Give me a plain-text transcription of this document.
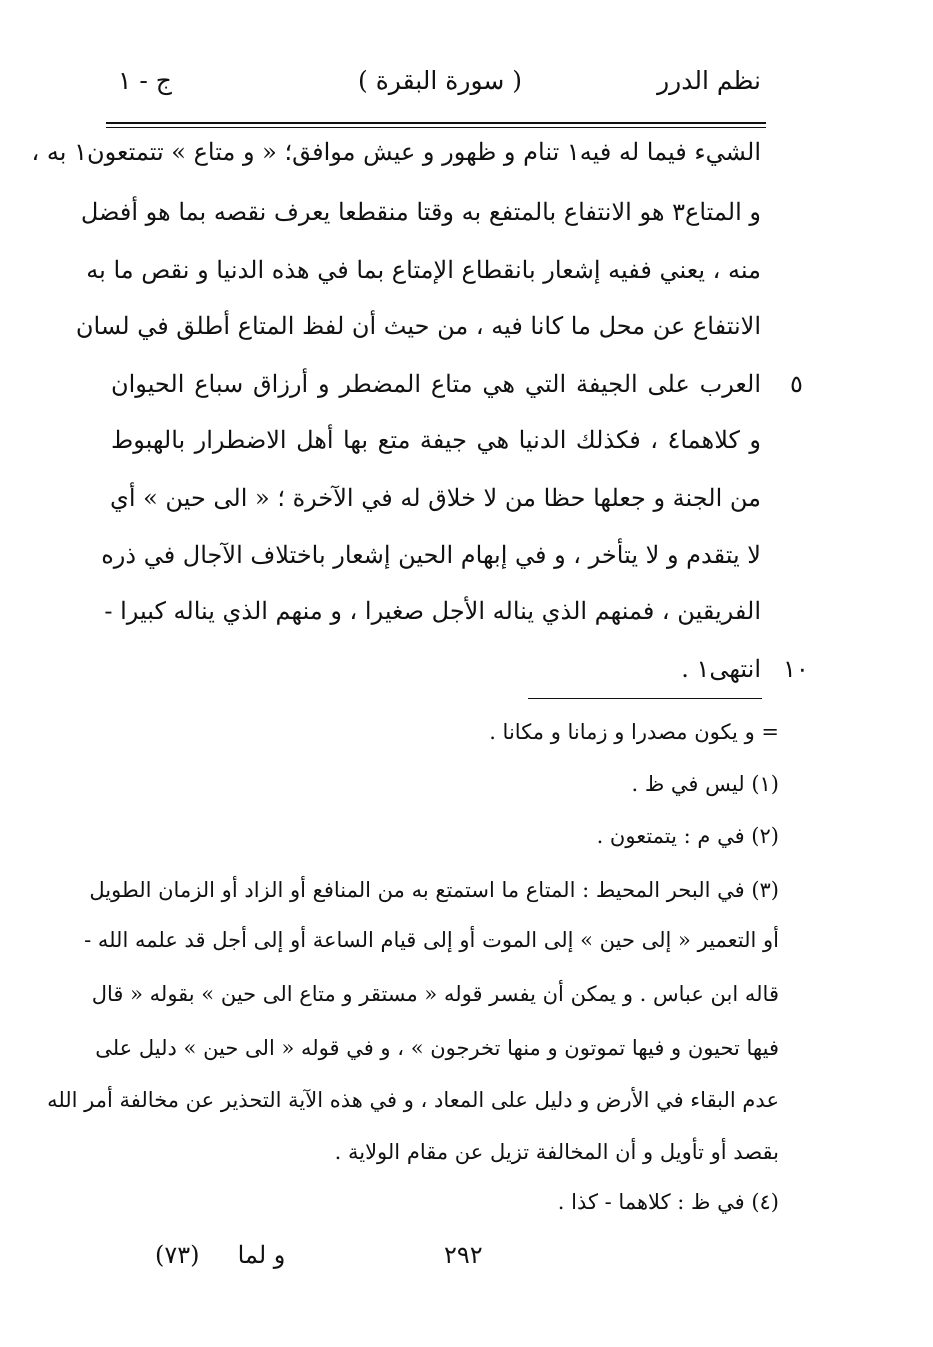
نظم الدرر
( سورة البقرة )
ج - ١
الشيء فيما له فيه١ تنام و ظهور و عيش موافق؛ « و متاع » تتمتعون١ به ،
و المتاع٣ هو الانتفاع بالمتفع به وقتا منقطعا يعرف نقصه بما هو أفضل
منه ، يعني ففيه إشعار بانقطاع الإمتاع بما في هذه الدنيا و نقص ما به
الانتفاع عن محل ما كانا فيه ، من حيث أن لفظ المتاع أطلق في لسان
العرب على الجيفة التي هي متاع المضطر و أرزاق سباع الحيوان
و كلاهما٤ ، فكذلك الدنيا هي جيفة متع بها أهل الاضطرار بالهبوط
من الجنة و جعلها حظا من لا خلاق له في الآخرة ؛ « الى حين » أي
لا يتقدم و لا يتأخر ، و في إبهام الحين إشعار باختلاف الآجال في ذره
الفريقين ، فمنهم الذي يناله الأجل صغيرا ، و منهم الذي يناله كبيرا -
انتهى١ .
٥
١٠
= و يكون مصدرا و زمانا و مكانا .
(١) ليس في ظ .
(٢) في م : يتمتعون .
(٣) في البحر المحيط : المتاع ما استمتع به من المنافع أو الزاد أو الزمان الطويل
أو التعمير « إلى حين » إلى الموت أو إلى قيام الساعة أو إلى أجل قد علمه الله -
قاله ابن عباس . و يمكن أن يفسر قوله « مستقر و متاع الى حين » بقوله « قال
فيها تحيون و فيها تموتون و منها تخرجون » ، و في قوله « الى حين » دليل على
عدم البقاء في الأرض و دليل على المعاد ، و في هذه الآية التحذير عن مخالفة أمر الله
بقصد أو تأويل و أن المخالفة تزيل عن مقام الولاية .
(٤) في ظ : كلاهما - كذا .
٢٩٢
(٧٣)     و لما
